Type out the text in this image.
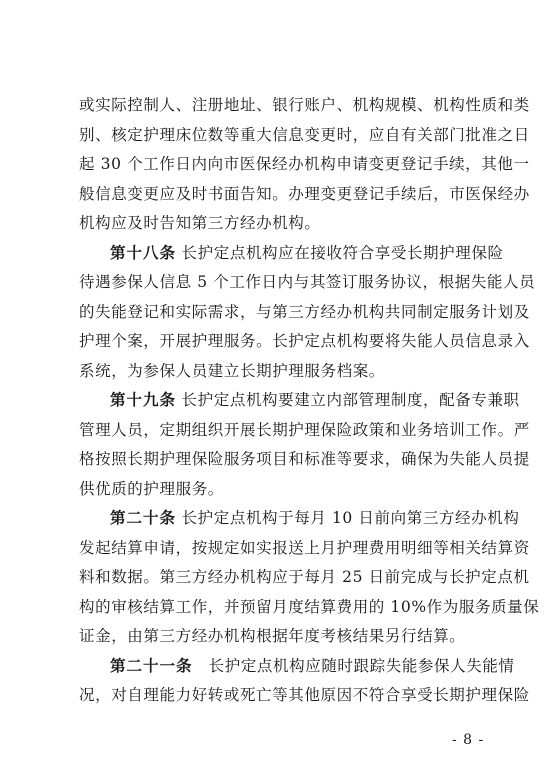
或实际控制人、注册地址、银行账户、机构规模、机构性质和类
别、核定护理床位数等重大信息变更时，应自有关部门批准之日
起 30 个工作日内向市医保经办机构申请变更登记手续，其他一
般信息变更应及时书面告知。办理变更登记手续后，市医保经办
机构应及时告知第三方经办机构。
第十八条 长护定点机构应在接收符合享受长期护理保险
待遇参保人信息 5 个工作日内与其签订服务协议，根据失能人员
的失能登记和实际需求，与第三方经办机构共同制定服务计划及
护理个案，开展护理服务。长护定点机构要将失能人员信息录入
系统，为参保人员建立长期护理服务档案。
第十九条 长护定点机构要建立内部管理制度，配备专兼职
管理人员，定期组织开展长期护理保险政策和业务培训工作。严
格按照长期护理保险服务项目和标准等要求，确保为失能人员提
供优质的护理服务。
第二十条 长护定点机构于每月 10 日前向第三方经办机构
发起结算申请，按规定如实报送上月护理费用明细等相关结算资
料和数据。第三方经办机构应于每月 25 日前完成与长护定点机
- 8 -
构的审核结算工作，并预留月度结算费用的 10%作为服务质量保
证金，由第三方经办机构根据年度考核结果另行结算。
第二十一条　 长护定点机构应随时跟踪失能参保人失能情
况，对自理能力好转或死亡等其他原因不符合享受长期护理保险
